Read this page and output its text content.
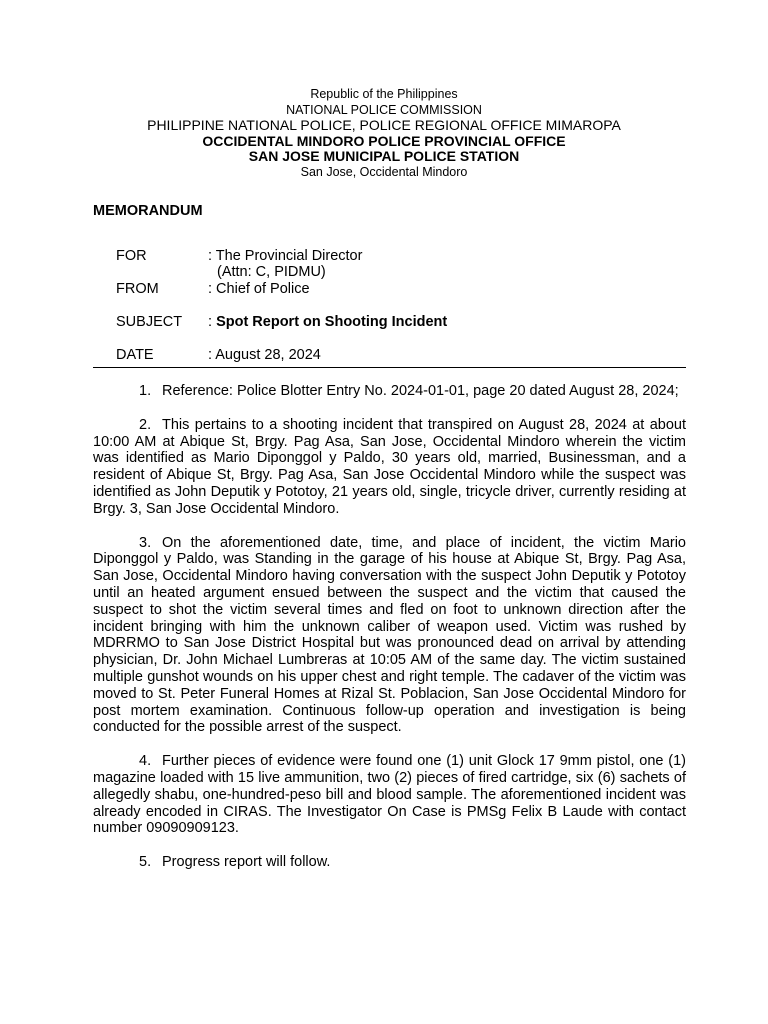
Republic of the Philippines
NATIONAL POLICE COMMISSION
PHILIPPINE NATIONAL POLICE, POLICE REGIONAL OFFICE MIMAROPA
OCCIDENTAL MINDORO POLICE PROVINCIAL OFFICE
SAN JOSE MUNICIPAL POLICE STATION
San Jose, Occidental Mindoro
MEMORANDUM
FOR	: The Provincial Director
(Attn: C, PIDMU)
FROM	: Chief of Police
SUBJECT	: Spot Report on Shooting Incident
DATE	: August 28, 2024

1. Reference: Police Blotter Entry No. 2024-01-01, page 20 dated August 28, 2024;

2. This pertains to a shooting incident that transpired on August 28, 2024 at about 10:00 AM at Abique St, Brgy. Pag Asa, San Jose, Occidental Mindoro wherein the victim was identified as Mario Diponggol y Paldo, 30 years old, married, Businessman, and a resident of Abique St, Brgy. Pag Asa, San Jose Occidental Mindoro while the suspect was identified as John Deputik y Pototoy, 21 years old, single, tricycle driver, currently residing at Brgy. 3, San Jose Occidental Mindoro.

3. On the aforementioned date, time, and place of incident, the victim Mario Diponggol y Paldo, was Standing in the garage of his house at Abique St, Brgy. Pag Asa, San Jose, Occidental Mindoro having conversation with the suspect John Deputik y Pototoy until an heated argument ensued between the suspect and the victim that caused the suspect to shot the victim several times and fled on foot to unknown direction after the incident bringing with him the unknown caliber of weapon used. Victim was rushed by MDRRMO to San Jose District Hospital but was pronounced dead on arrival by attending physician, Dr. John Michael Lumbreras at 10:05 AM of the same day. The victim sustained multiple gunshot wounds on his upper chest and right temple. The cadaver of the victim was moved to St. Peter Funeral Homes at Rizal St. Poblacion, San Jose Occidental Mindoro for post mortem examination. Continuous follow-up operation and investigation is being conducted for the possible arrest of the suspect.

4. Further pieces of evidence were found one (1) unit Glock 17 9mm pistol, one (1) magazine loaded with 15 live ammunition, two (2) pieces of fired cartridge, six (6) sachets of allegedly shabu, one-hundred-peso bill and blood sample. The aforementioned incident was already encoded in CIRAS. The Investigator On Case is PMSg Felix B Laude with contact number 09090909123.

5. Progress report will follow.
